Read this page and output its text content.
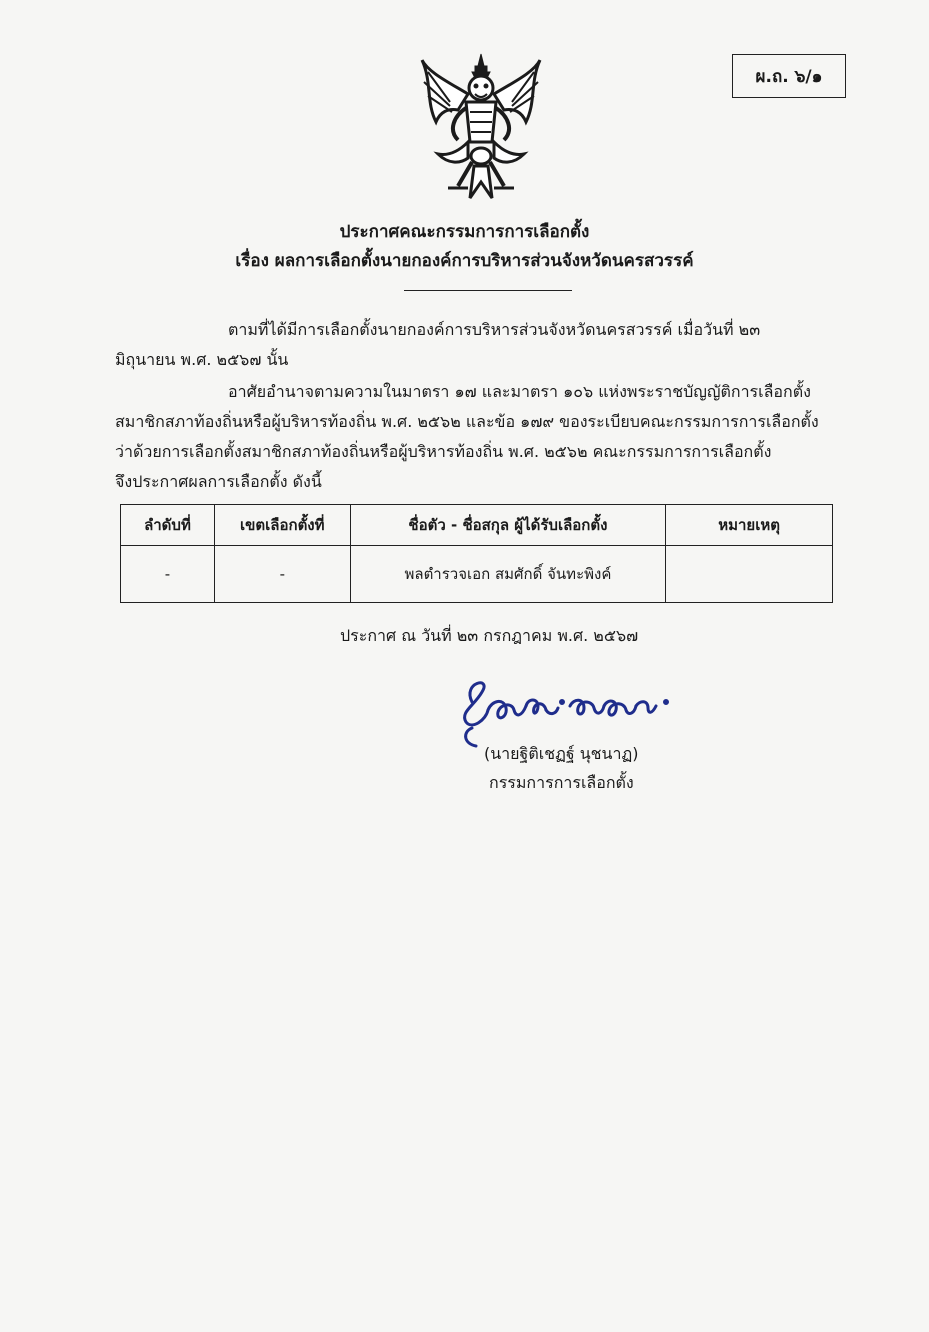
ผ.ถ. ๖/๑
ประกาศคณะกรรมการการเลือกตั้ง
เรื่อง ผลการเลือกตั้งนายกองค์การบริหารส่วนจังหวัดนครสวรรค์
ตามที่ได้มีการเลือกตั้งนายกองค์การบริหารส่วนจังหวัดนครสวรรค์ เมื่อวันที่ ๒๓
มิถุนายน พ.ศ. ๒๕๖๗ นั้น
อาศัยอำนาจตามความในมาตรา ๑๗ และมาตรา ๑๐๖ แห่งพระราชบัญญัติการเลือกตั้ง
สมาชิกสภาท้องถิ่นหรือผู้บริหารท้องถิ่น พ.ศ. ๒๕๖๒ และข้อ ๑๗๙ ของระเบียบคณะกรรมการการเลือกตั้ง
ว่าด้วยการเลือกตั้งสมาชิกสภาท้องถิ่นหรือผู้บริหารท้องถิ่น พ.ศ. ๒๕๖๒ คณะกรรมการการเลือกตั้ง
จึงประกาศผลการเลือกตั้ง ดังนี้
ลำดับที่	เขตเลือกตั้งที่	ชื่อตัว - ชื่อสกุล ผู้ได้รับเลือกตั้ง	หมายเหตุ
-	-	พลตำรวจเอก สมศักดิ์ จันทะพิงค์	
ประกาศ ณ วันที่ ๒๓ กรกฎาคม พ.ศ. ๒๕๖๗
(นายฐิติเชฏฐ์ นุชนาฏ)
กรรมการการเลือกตั้ง
